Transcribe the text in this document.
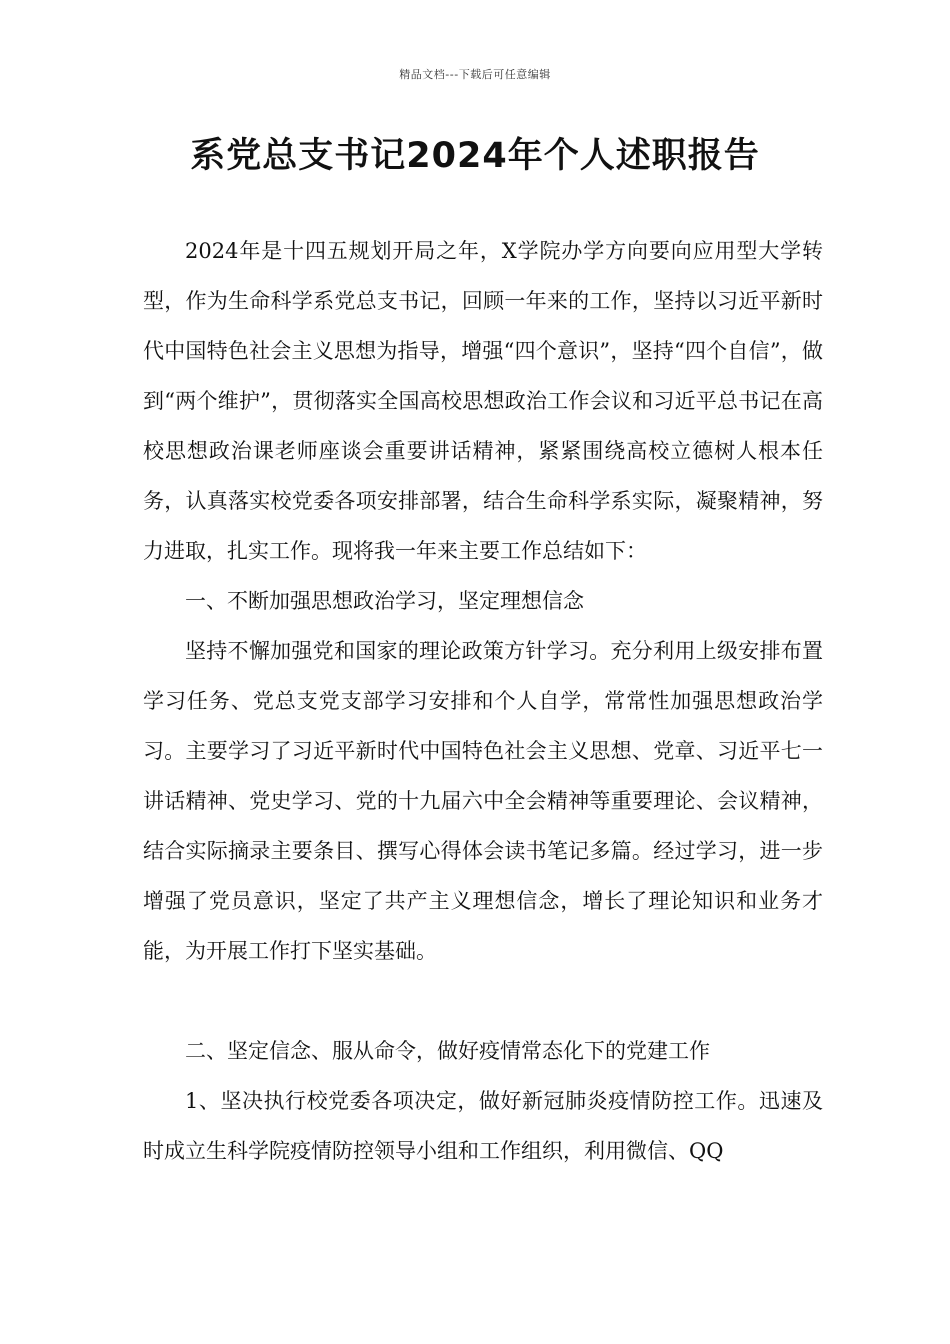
精品文档---下载后可任意编辑
系党总支书记2024年个人述职报告

2024年是十四五规划开局之年，X学院办学方向要向应用型大学转型，作为生命科学系党总支书记，回顾一年来的工作，坚持以习近平新时代中国特色社会主义思想为指导，增强“四个意识”，坚持“四个自信”，做到“两个维护”，贯彻落实全国高校思想政治工作会议和习近平总书记在高校思想政治课老师座谈会重要讲话精神，紧紧围绕高校立德树人根本任务，认真落实校党委各项安排部署，结合生命科学系实际，凝聚精神，努力进取，扎实工作。现将我一年来主要工作总结如下：

一、不断加强思想政治学习，坚定理想信念

坚持不懈加强党和国家的理论政策方针学习。充分利用上级安排布置学习任务、党总支党支部学习安排和个人自学，常常性加强思想政治学习。主要学习了习近平新时代中国特色社会主义思想、党章、习近平七一讲话精神、党史学习、党的十九届六中全会精神等重要理论、会议精神，结合实际摘录主要条目、撰写心得体会读书笔记多篇。经过学习，进一步增强了党员意识，坚定了共产主义理想信念，增长了理论知识和业务才能，为开展工作打下坚实基础。

二、坚定信念、服从命令，做好疫情常态化下的党建工作

1、坚决执行校党委各项决定，做好新冠肺炎疫情防控工作。迅速及时成立生科学院疫情防控领导小组和工作组织，利用微信、QQ
